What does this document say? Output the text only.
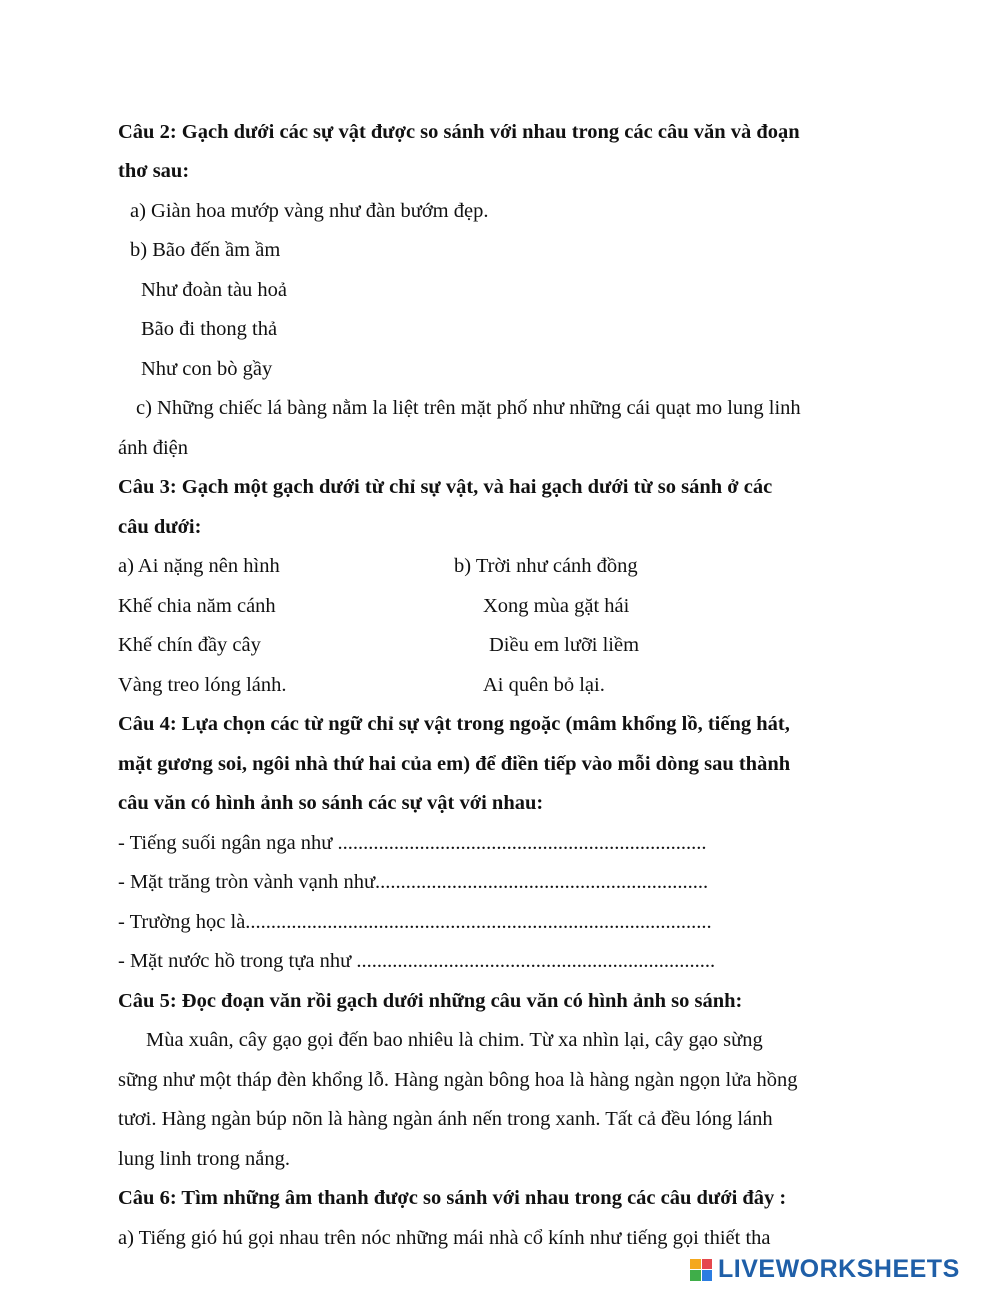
Câu 2: Gạch dưới các sự vật được so sánh với nhau trong các câu văn và đoạn
thơ sau:
a) Giàn hoa mướp vàng như đàn bướm đẹp.
b) Bão đến ầm ầm
Như đoàn tàu hoả
Bão đi thong thả
Như con bò gầy
c) Những chiếc lá bàng nằm la liệt trên mặt phố như những cái quạt mo lung linh
ánh điện
Câu 3: Gạch một gạch dưới từ chỉ sự vật, và hai gạch dưới từ so sánh ở các
câu dưới:
a) Ai nặng nên hình
Khế chia năm cánh
Khế chín đầy cây
Vàng treo lóng lánh.
b) Trời như cánh đồng
Xong mùa gặt hái
Diều em lưỡi liềm
Ai quên bỏ lại.
Câu 4: Lựa chọn các từ ngữ chỉ sự vật trong ngoặc (mâm khổng lồ, tiếng hát,
mặt gương soi, ngôi nhà thứ hai của em) để điền tiếp vào mỗi dòng sau thành
câu văn có hình ảnh so sánh các sự vật với nhau:
- Tiếng suối ngân nga như ........................................................................
- Mặt trăng tròn vành vạnh như.................................................................
- Trường học là...........................................................................................
- Mặt nước hồ trong tựa như ......................................................................
Câu 5: Đọc đoạn văn rồi gạch dưới những câu văn có hình ảnh so sánh:
Mùa xuân, cây gạo gọi đến bao nhiêu là chim. Từ xa nhìn lại, cây gạo sừng
sững như một tháp đèn khổng lỗ. Hàng ngàn bông hoa là hàng ngàn ngọn lửa hồng
tươi. Hàng ngàn búp nõn là hàng ngàn ánh nến trong xanh. Tất cả đều lóng lánh
lung linh trong nắng.
Câu 6: Tìm những âm thanh được so sánh với nhau trong các câu dưới đây :
a) Tiếng gió hú gọi nhau trên nóc những mái nhà cổ kính như tiếng gọi thiết tha
LIVEWORKSHEETS
